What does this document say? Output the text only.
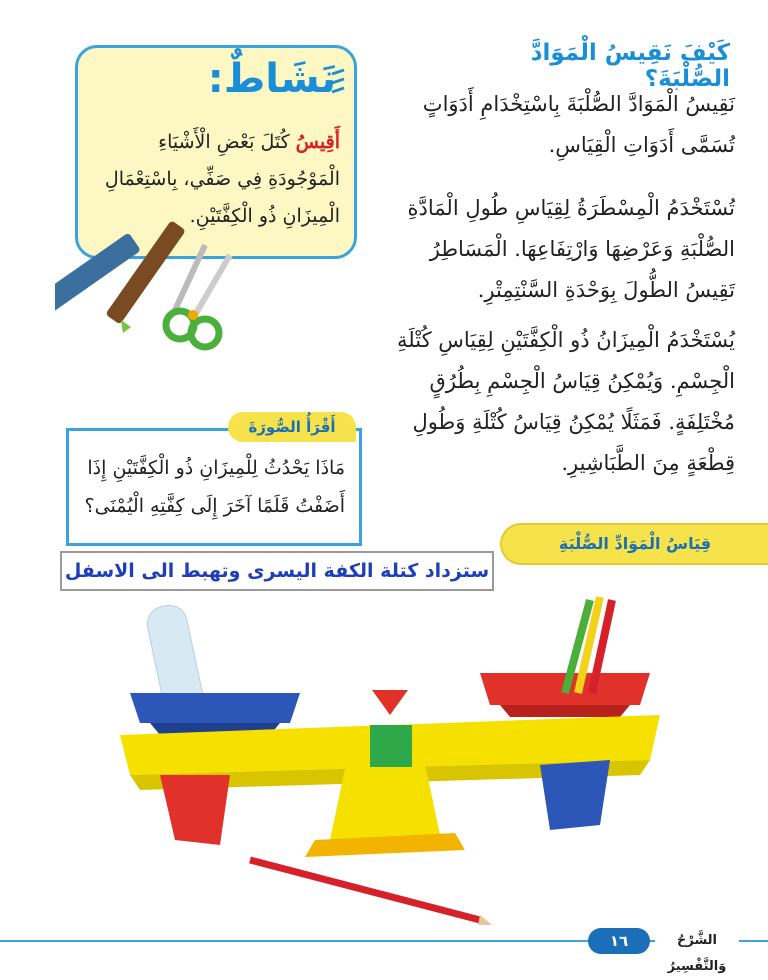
كَيْفَ نَقِيسُ الْمَوَادَّ الصُّلْبَةَ؟
نَقِيسُ الْمَوَادَّ الصُّلْبَةَ بِاسْتِخْدَامِ أَدَوَاتٍ تُسَمَّى أَدَوَاتِ الْقِيَاسِ.
تُسْتَخْدَمُ الْمِسْطَرَةُ لِقِيَاسِ طُولِ الْمَادَّةِ الصُّلْبَةِ وَعَرْضِهَا وَارْتِفَاعِهَا. الْمَسَاطِرُ تَقِيسُ الطُّولَ بِوَحْدَةِ السَّنْتِمِتْرِ.
يُسْتَخْدَمُ الْمِيزَانُ ذُو الْكِفَّتَيْنِ لِقِيَاسِ كُتْلَةِ الْجِسْمِ. وَيُمْكِنُ قِيَاسُ الْجِسْمِ بِطُرُقٍ مُخْتَلِفَةٍ. فَمَثَلًا يُمْكِنُ قِيَاسُ كُتْلَةِ وَطُولِ قِطْعَةٍ مِنَ الطَّبَاشِيرِ.
نَشَاطٌ:
أَقِيسُ كُتَلَ بَعْضِ الْأَشْيَاءِ الْمَوْجُودَةِ فِي صَفِّي، بِاسْتِعْمَالِ الْمِيزَانِ ذُو الْكِفَّتَيْنِ.
مَاذَا يَحْدُثُ لِلْمِيزَانِ ذُو الْكِفَّتَيْنِ إِذَا أَضَفْتُ قَلَمًا آخَرَ إِلَى كِفَّتِهِ الْيُمْنَى؟
أَقْرَأُ الصُّورَةَ
ستزداد كتلة الكفة اليسرى وتهبط الى الاسفل
قِيَاسُ الْمَوَادِّ الصُّلْبَةِ
١٦	الشَّرْحُ وَالتَّفْسِيرُ
